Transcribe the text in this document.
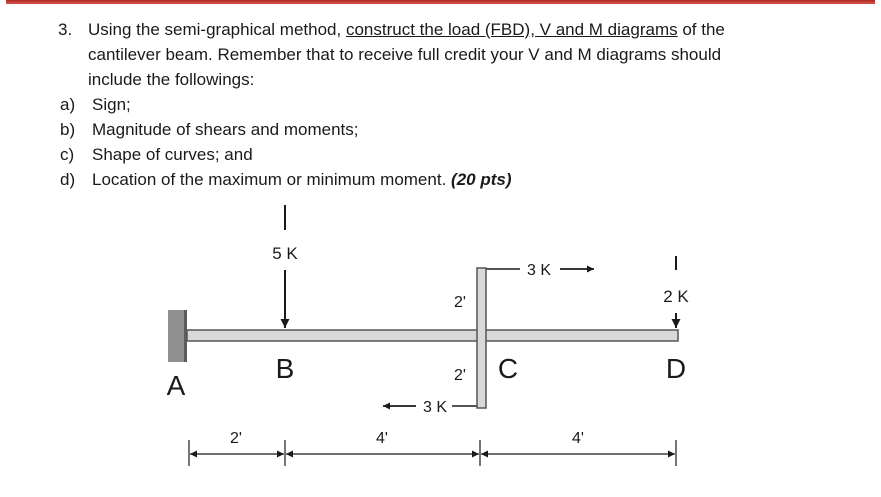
3. Using the semi-graphical method, construct the load (FBD), V and M diagrams of the
cantilever beam. Remember that to receive full credit your V and M diagrams should
include the followings:
a) Sign;
b) Magnitude of shears and moments;
c) Shape of curves; and
d) Location of the maximum or minimum moment. (20 pts)
5 K
2 K
3 K
3 K
2'
2'
A
B	C	D
2'	4'	4'
